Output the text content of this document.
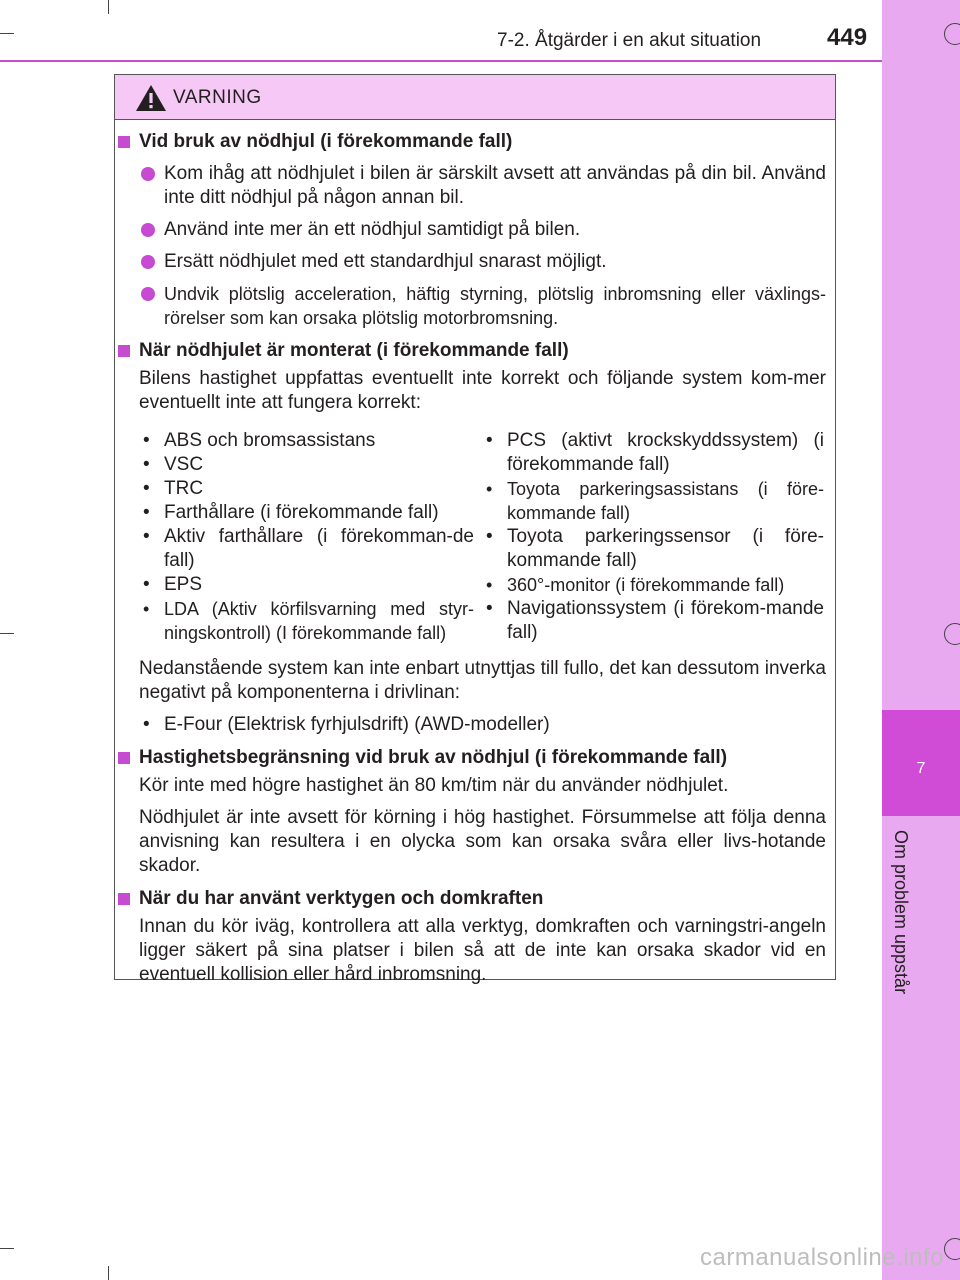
7-2. Åtgärder i en akut situation	449
7
Om problem uppstår
VARNING
Vid bruk av nödhjul (i förekommande fall)
Kom ihåg att nödhjulet i bilen är särskilt avsett att användas på din bil. Använd inte ditt nödhjul på någon annan bil.
Använd inte mer än ett nödhjul samtidigt på bilen.
Ersätt nödhjulet med ett standardhjul snarast möjligt.
Undvik plötslig acceleration, häftig styrning, plötslig inbromsning eller växlings-rörelser som kan orsaka plötslig motorbromsning.
När nödhjulet är monterat (i förekommande fall)
Bilens hastighet uppfattas eventuellt inte korrekt och följande system kom-mer eventuellt inte att fungera korrekt:
• ABS och bromsassistans
• VSC
• TRC
• Farthållare (i förekommande fall)
• Aktiv farthållare (i förekomman-de fall)
• EPS
• LDA (Aktiv körfilsvarning med styr-ningskontroll) (I förekommande fall)
• PCS (aktivt krockskyddssystem) (i förekommande fall)
• Toyota parkeringsassistans (i före-kommande fall)
• Toyota parkeringssensor (i före-kommande fall)
• 360°-monitor (i förekommande fall)
• Navigationssystem (i förekom-mande fall)
Nedanstående system kan inte enbart utnyttjas till fullo, det kan dessutom inverka negativt på komponenterna i drivlinan:
• E-Four (Elektrisk fyrhjulsdrift) (AWD-modeller)
Hastighetsbegränsning vid bruk av nödhjul (i förekommande fall)
Kör inte med högre hastighet än 80 km/tim när du använder nödhjulet.
Nödhjulet är inte avsett för körning i hög hastighet. Försummelse att följa denna anvisning kan resultera i en olycka som kan orsaka svåra eller livs-hotande skador.
När du har använt verktygen och domkraften
Innan du kör iväg, kontrollera att alla verktyg, domkraften och varningstri-angeln ligger säkert på sina platser i bilen så att de inte kan orsaka skador vid en eventuell kollision eller hård inbromsning.
carmanualsonline.info
